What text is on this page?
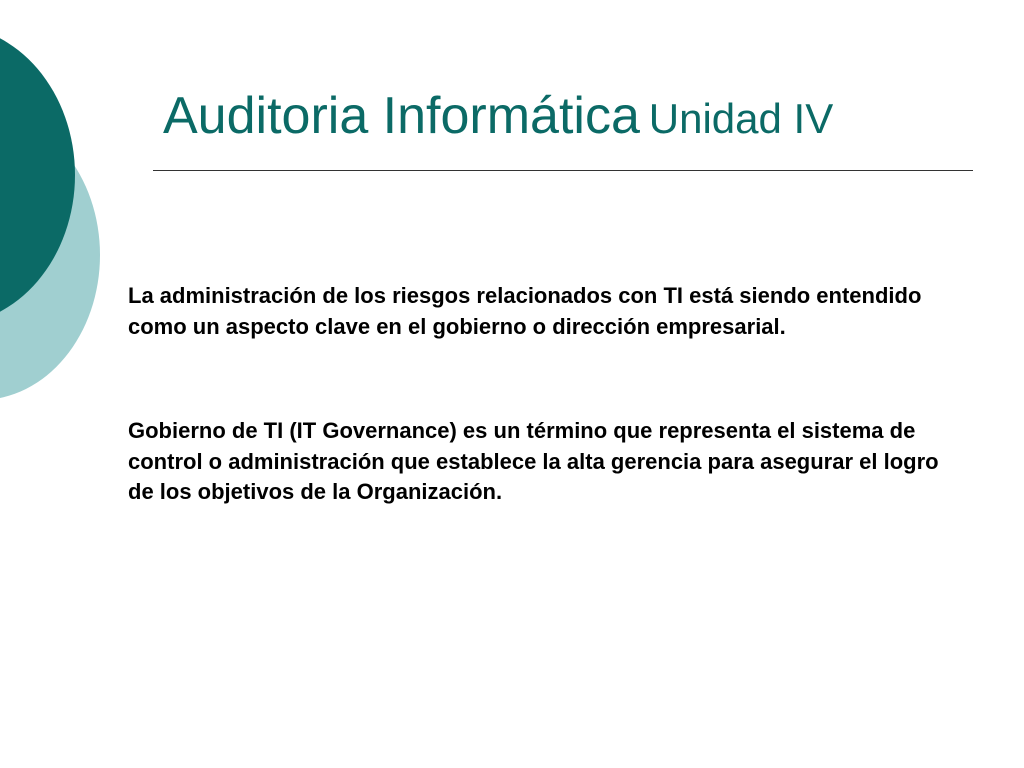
Auditoria Informática Unidad IV

La administración de los riesgos relacionados con TI está siendo entendido como un aspecto clave en el gobierno o dirección empresarial.

Gobierno de TI (IT Governance) es un término que representa el sistema de control o administración que establece la alta gerencia para asegurar el logro de los objetivos de la Organización.
